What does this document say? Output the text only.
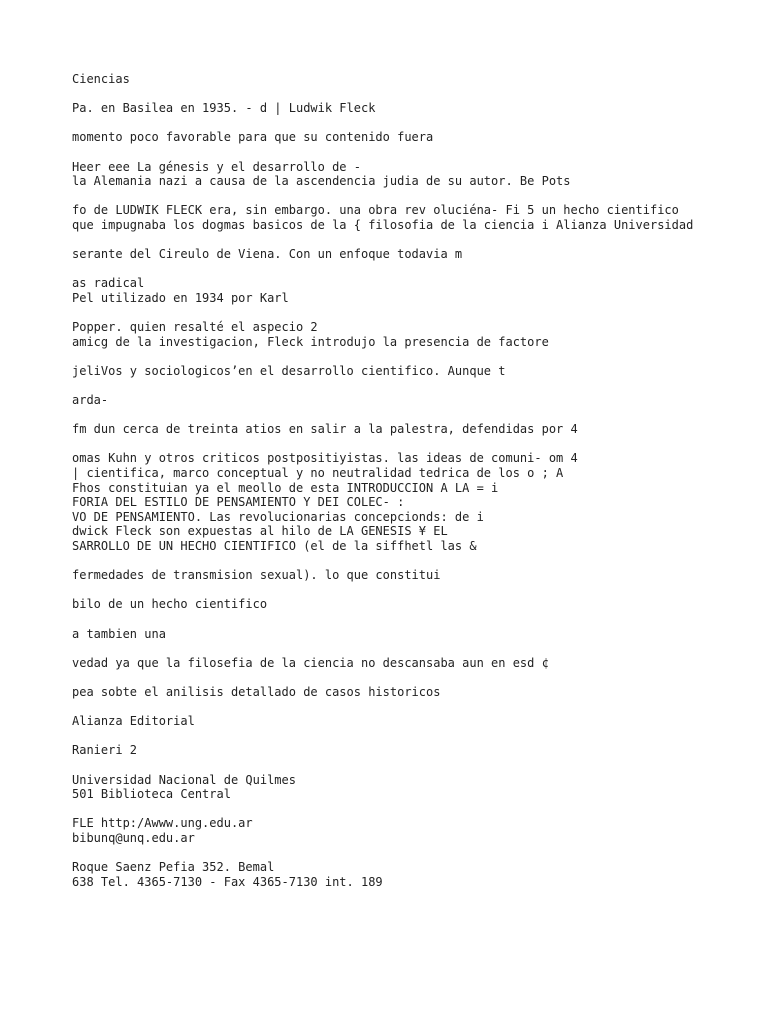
Ciencias

Pa. en Basilea en 1935. - d | Ludwik Fleck

momento poco favorable para que su contenido fuera

Heer eee La génesis y el desarrollo de -
la Alemania nazi a causa de la ascendencia judia de su autor. Be Pots

fo de LUDWIK FLECK era, sin embargo. una obra rev oluciéna- Fi 5 un hecho cientifico
que impugnaba los dogmas basicos de la { filosofia de la ciencia i Alianza Universidad

serante del Cireulo de Viena. Con un enfoque todavia m

as radical
Pel utilizado en 1934 por Karl

Popper. quien resalté el aspecio 2
amicg de la investigacion, Fleck introdujo la presencia de factore

jeliVos y sociologicos’en el desarrollo cientifico. Aunque t

arda-

fm dun cerca de treinta atios en salir a la palestra, defendidas por 4

omas Kuhn y otros criticos postpositiyistas. las ideas de comuni- om 4
| cientifica, marco conceptual y no neutralidad tedrica de los o ; A
Fhos constituian ya el meollo de esta INTRODUCCION A LA = i
FORIA DEL ESTILO DE PENSAMIENTO Y DEI COLEC- :
VO DE PENSAMIENTO. Las revolucionarias concepcionds: de i
dwick Fleck son expuestas al hilo de LA GENESIS ¥ EL
SARROLLO DE UN HECHO CIENTIFICO (el de la siffhetl las &

fermedades de transmision sexual). lo que constitui

bilo de un hecho cientifico

a tambien una

vedad ya que la filosefia de la ciencia no descansaba aun en esd ¢

pea sobte el anilisis detallado de casos historicos

Alianza Editorial

Ranieri 2

Universidad Nacional de Quilmes
501 Biblioteca Central

FLE http:/Awww.ung.edu.ar
bibunq@unq.edu.ar

Roque Saenz Pefia 352. Bemal
638 Tel. 4365-7130 - Fax 4365-7130 int. 189
